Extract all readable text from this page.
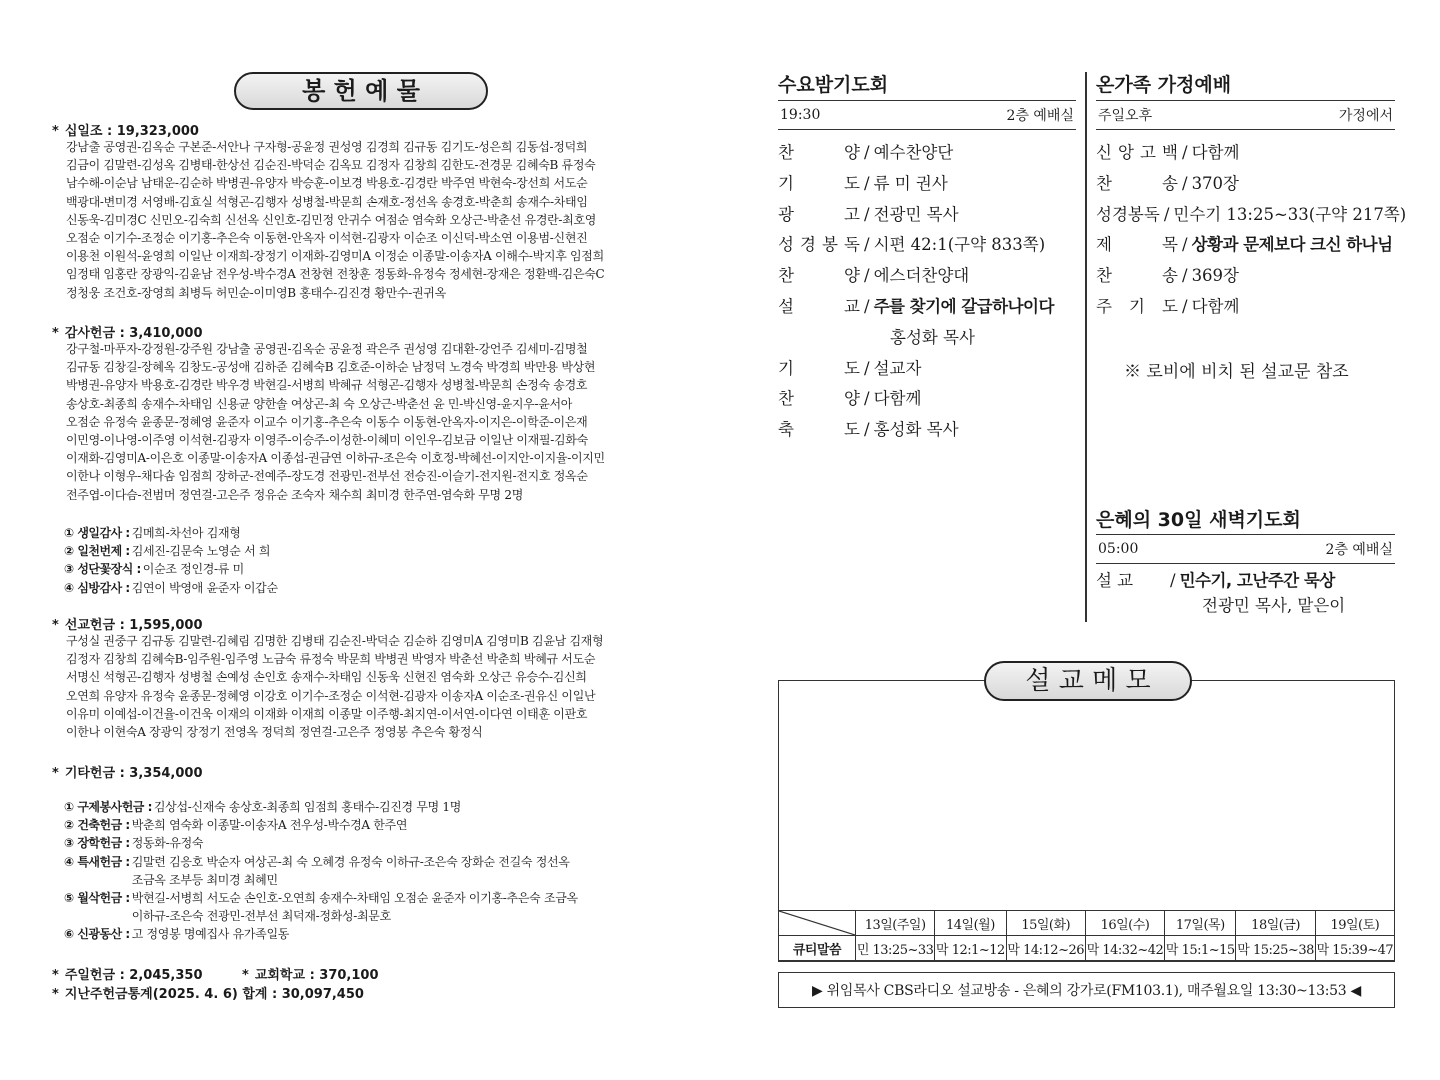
봉 헌 예 물
* 십일조 : 19,323,000
강남출 공영권-김옥순 구본준-서안나 구자형-공윤정 권성영 김경희 김규동 김기도-성은희 김동섭-정덕희
김금이 김말련-김성옥 김병태-한상선 김순진-박덕순 김옥묘 김정자 김창희 김한도-전경문 김혜숙B 류정숙
남수해-이순남 남태운-김순하 박병권-유양자 박승훈-이보경 박용호-김경란 박주연 박현숙-장선희 서도순
백광대-변미경 서영배-김효실 석형곤-김행자 성병철-박문희 손재호-정선옥 송경호-박춘희 송재수-차태임
신동욱-김미경C 신민오-김숙희 신선옥 신인호-김민정 안귀수 여점순 염숙화 오상근-박춘선 유경란-최호영
오점순 이기수-조정순 이기홍-추은숙 이동현-안옥자 이석현-김광자 이순조 이신덕-박소연 이용범-신현진
이용천 이원석-윤영희 이일난 이재희-장정기 이재화-김영미A 이정순 이종말-이송자A 이해수-박지후 임점희
임정태 임홍란 장광익-김윤남 전우성-박수경A 전창현 전창훈 정동화-유정숙 정세현-장재은 정환백-김은숙C
정청웅 조건호-장영희 최병득 허민순-이미영B 홍태수-김진경 황만수-권귀옥
* 감사헌금 : 3,410,000
강구철-마푸자-강정원-강주원 강남출 공영권-김옥순 공윤정 곽은주 권성영 김대환-강언주 김세미-김명철
김규동 김창길-장혜옥 김창도-공성애 김하준 김혜숙B 김호준-이하순 남정덕 노경숙 박경희 박만용 박상현
박병권-유양자 박용호-김경란 박우경 박현길-서병희 박혜규 석형곤-김행자 성병철-박문희 손정숙 송경호
송상호-최종희 송재수-차태임 신용균 양한솔 여상곤-최 숙 오상근-박춘선 윤 민-박신영-윤지우-윤서아
오점순 유정숙 윤종문-정혜영 윤준자 이교수 이기홍-추은숙 이동수 이동현-안옥자-이지은-이학준-이은재
이민영-이나영-이주영 이석현-김광자 이영주-이승주-이성한-이혜미 이인우-김보금 이일난 이재필-김화숙
이재화-김영미A-이은호 이종말-이송자A 이종섭-권금연 이하규-조은숙 이호정-박혜선-이지안-이지율-이지민
이한나 이형우-채다솜 임점희 장하군-전예주-장도경 전광민-전부선 전승진-이슬기-전지원-전지호 정옥순
전주엽-이다슴-전범머 정연걸-고은주 정유순 조숙자 채수희 최미경 한주연-염숙화 무명 2명
① 생일감사 : 김메희-차선아 김재형
② 일천번제 : 김세진-김문숙 노영순 서 희
③ 성단꽃장식 : 이순조 정인경-류 미
④ 심방감사 : 김연이 박영애 윤준자 이갑순
* 선교헌금 : 1,595,000
구성실 권중구 김규동 김말련-김혜림 김명한 김병태 김순진-박덕순 김순하 김영미A 김영미B 김윤남 김재형
김정자 김창희 김혜숙B-임주원-임주영 노금숙 류정숙 박문희 박병권 박영자 박춘선 박춘희 박혜규 서도순
서명신 석형곤-김행자 성병철 손예성 손인호 송재수-차태임 신동욱 신현진 염숙화 오상근 유승수-김신희
오연희 유양자 유정숙 윤종문-정혜영 이강호 이기수-조정순 이석현-김광자 이송자A 이순조-권유신 이일난
이유미 이예섭-이건율-이건욱 이재의 이재화 이재희 이종말 이주행-최지연-이서연-이다연 이태훈 이판호
이한나 이현숙A 장광익 장정기 전영옥 정덕희 정연걸-고은주 정영봉 추은숙 황정식
* 기타헌금 : 3,354,000
① 구제봉사헌금 : 김상섭-신재숙 송상호-최종희 임점희 홍태수-김진경 무명 1명
② 건축헌금 : 박춘희 염숙화 이종말-이송자A 전우성-박수경A 한주연
③ 장학헌금 : 정동화-유정숙
④ 특새헌금 : 김말련 김응호 박순자 여상곤-최 숙 오혜경 유정숙 이하규-조은숙 장화순 전길숙 정선옥
조금옥 조부등 최미경 최혜민
⑤ 월삭헌금 : 박현길-서병희 서도순 손인호-오연희 송재수-차태임 오점순 윤준자 이기홍-추은숙 조금옥
이하규-조은숙 전광민-전부선 최덕재-정화성-최문호
⑥ 신광동산 : 고 정영봉 명예집사 유가족일동
* 주일헌금 : 2,045,350	* 교회학교 : 370,100
* 지난주헌금통계(2025. 4. 6) 합계 : 30,097,450
수요밤기도회
19:30	2층 예배실
찬	양 / 예수찬양단
기	도 / 류 미 권사
광	고 / 전광민 목사
성 경 봉 독 / 시편 42:1(구약 833쪽)
찬	양 / 에스더찬양대
설	교 / 주를 찾기에 갈급하나이다
홍성화 목사
기	도 / 설교자
찬	양 / 다함께
축	도 / 홍성화 목사
온가족 가정예배
주일오후	가정에서
신 앙 고 백 / 다함께
찬	송 / 370장
성 경 봉 독 / 민수기 13:25~33(구약 217쪽)
제	목 / 상황과 문제보다 크신 하나님
찬	송 / 369장
주 기 도 / 다함께
※ 로비에 비치 된 설교문 참조
은혜의 30일 새벽기도회
05:00	2층 예배실
설 교	/ 민수기, 고난주간 묵상
전광민 목사, 맡은이
설 교 메 모
	13일(주일)	14일(월)	15일(화)	16일(수)	17일(목)	18일(금)	19일(토)
큐티말씀	민 13:25~33	막 12:1~12	막 14:12~26	막 14:32~42	막 15:1~15	막 15:25~38	막 15:39~47
▶ 위임목사 CBS라디오 설교방송 - 은혜의 강가로(FM103.1), 매주월요일 13:30~13:53 ◀
